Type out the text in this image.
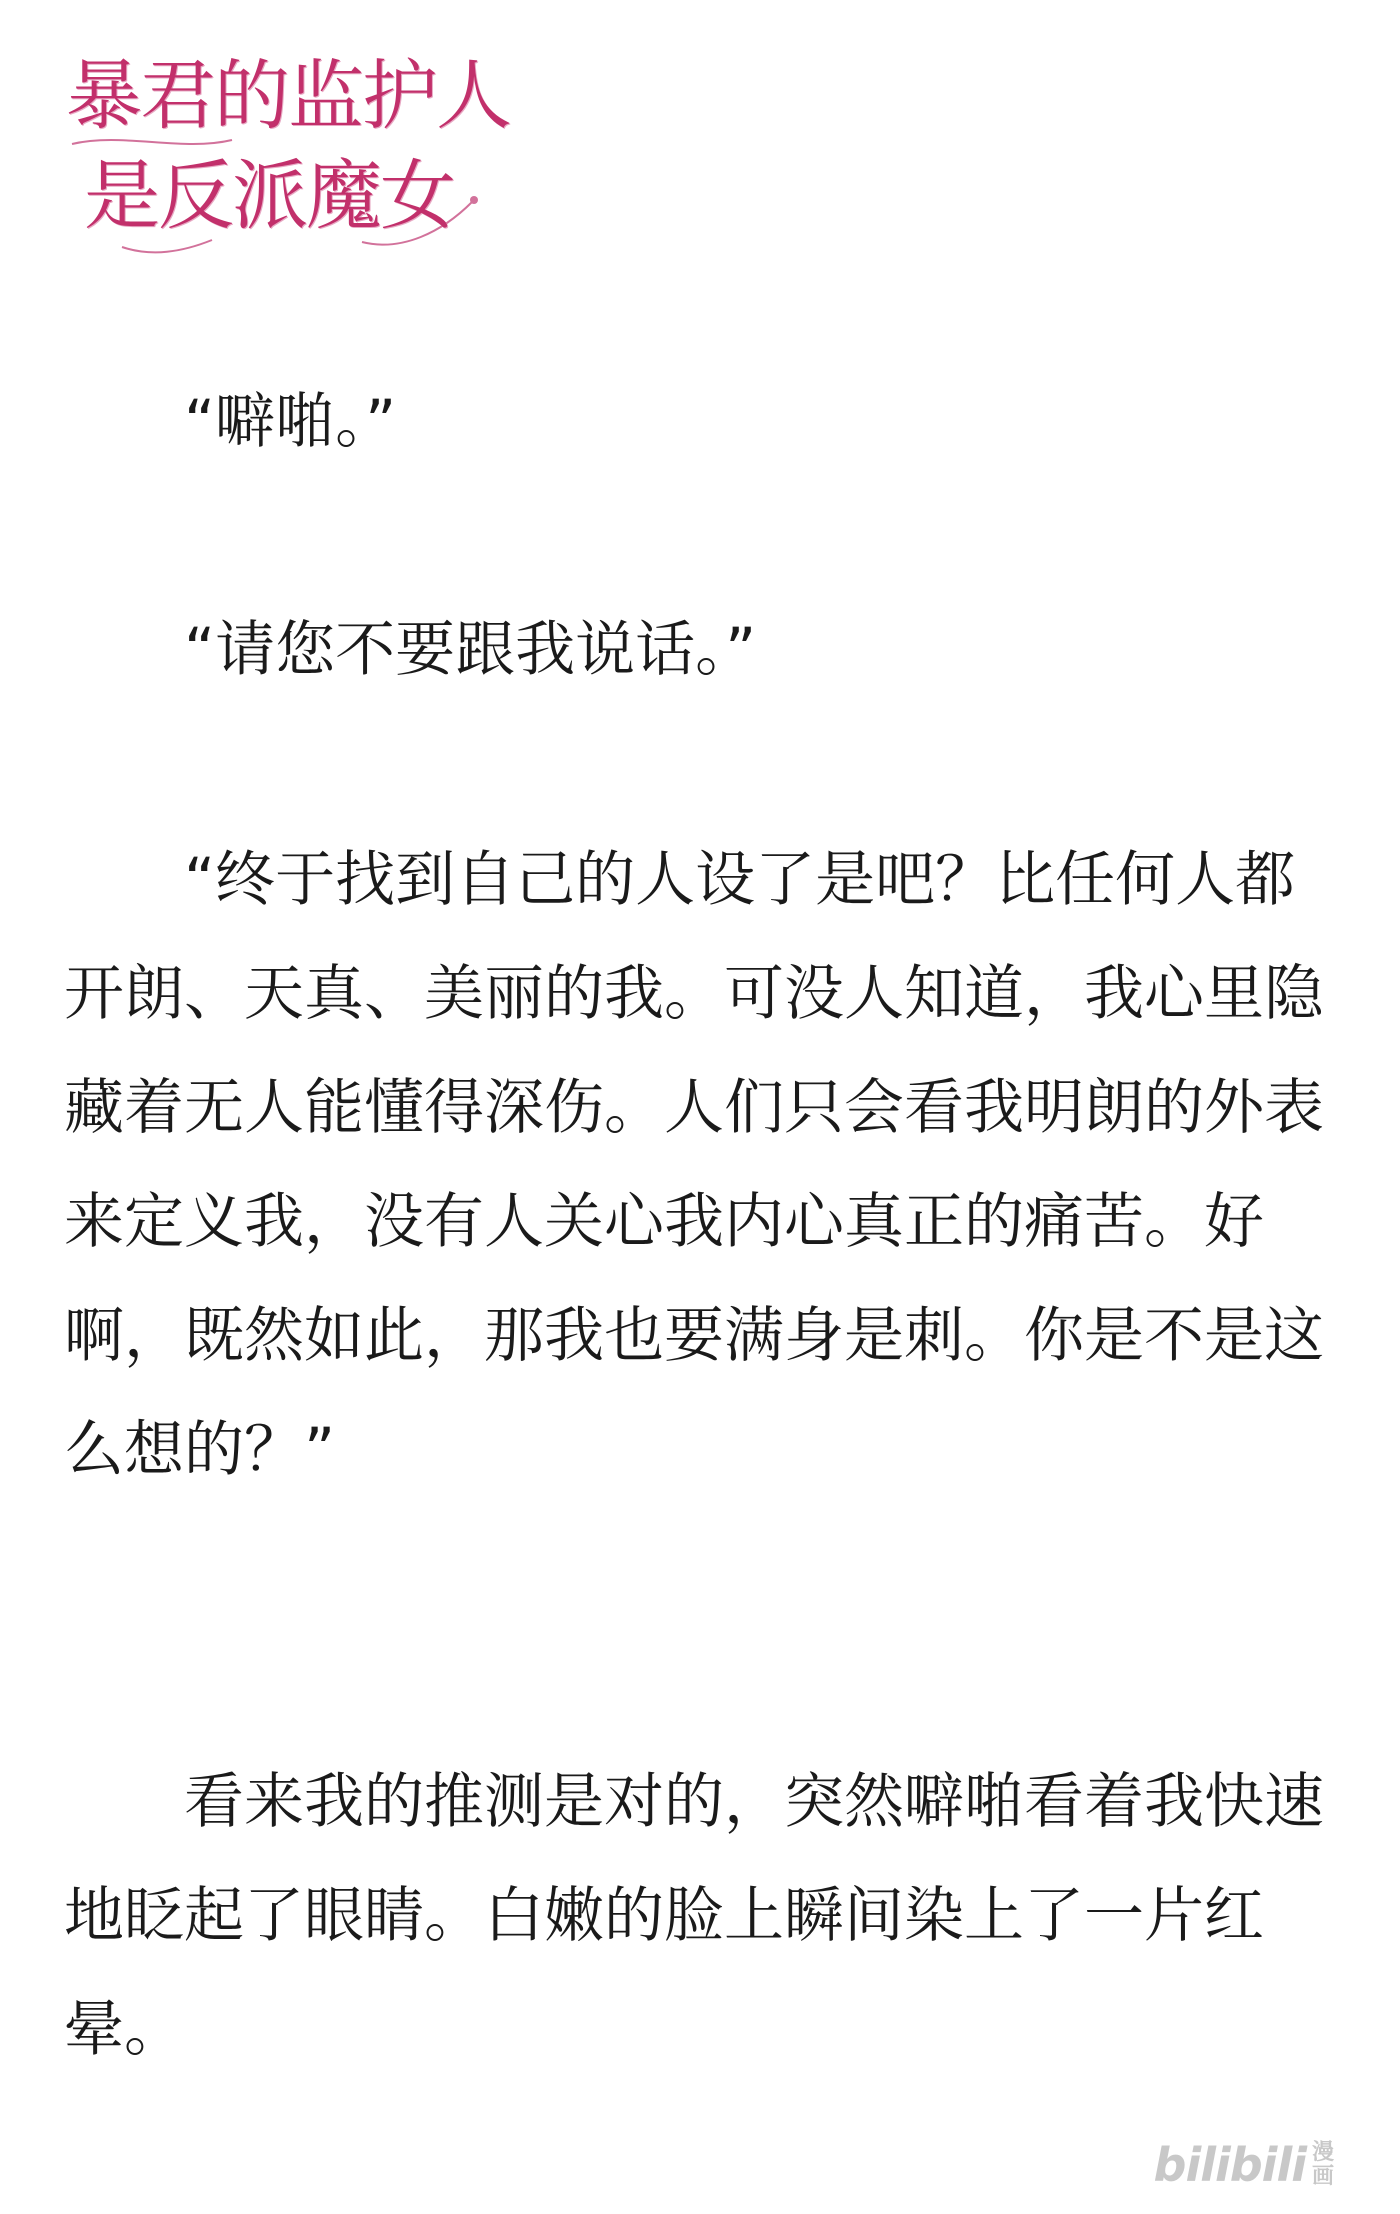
暴君的监护人
是反派魔女

　　“噼啪。”

　　“请您不要跟我说话。”

　　“终于找到自己的人设了是吧？比任何人都开朗、天真、美丽的我。可没人知道，我心里隐藏着无人能懂得深伤。人们只会看我明朗的外表来定义我，没有人关心我内心真正的痛苦。好啊，既然如此，那我也要满身是刺。你是不是这么想的？”

　　看来我的推测是对的，突然噼啪看着我快速地眨起了眼睛。白嫩的脸上瞬间染上了一片红晕。

bilibili 漫
画
